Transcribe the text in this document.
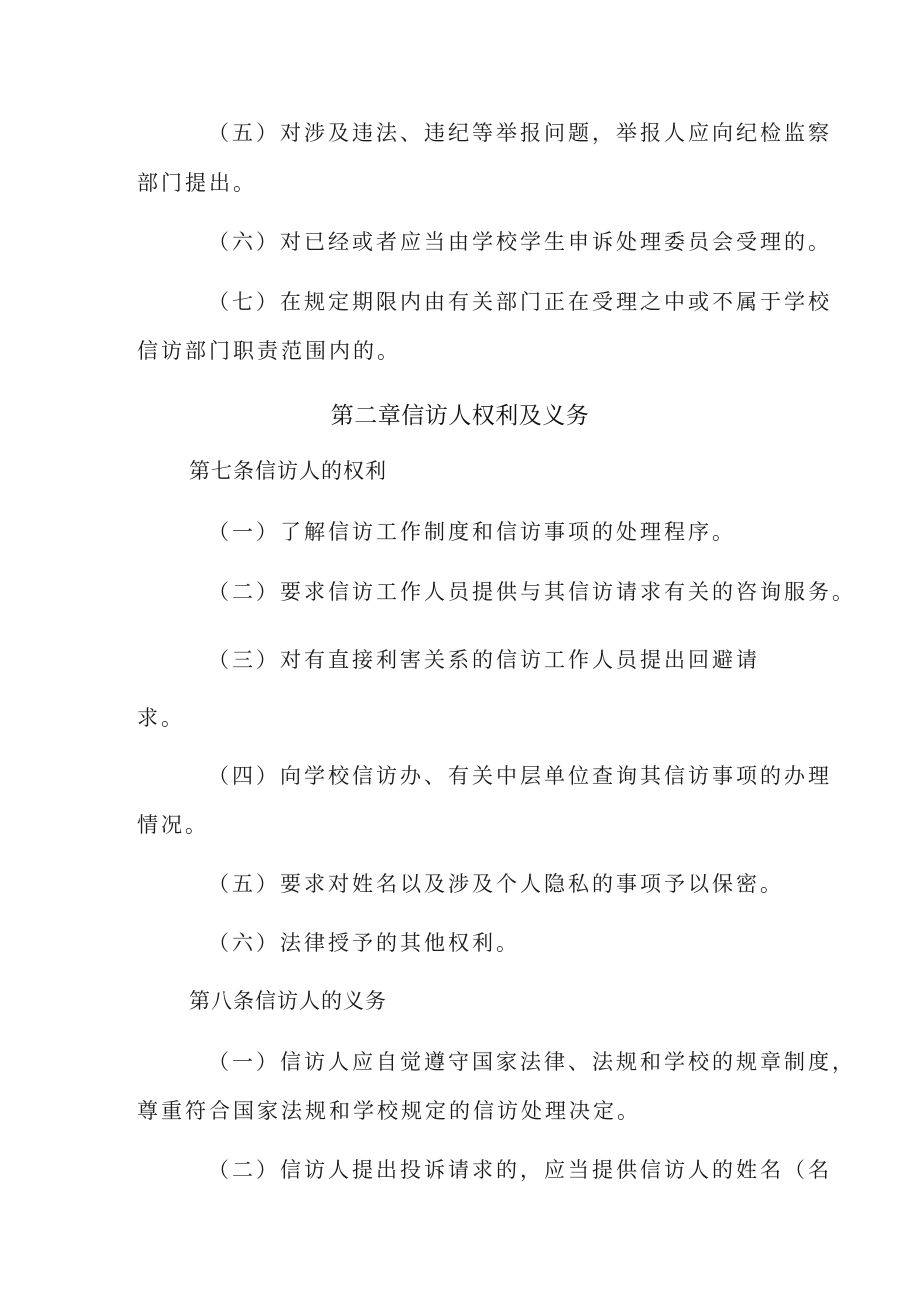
（五）对涉及违法、违纪等举报问题，举报人应向纪检监察
部门提出。
（六）对已经或者应当由学校学生申诉处理委员会受理的。
（七）在规定期限内由有关部门正在受理之中或不属于学校
信访部门职责范围内的。
第二章信访人权利及义务
第七条信访人的权利
（一）了解信访工作制度和信访事项的处理程序。
（二）要求信访工作人员提供与其信访请求有关的咨询服务。
（三）对有直接利害关系的信访工作人员提出回避请
求。
（四）向学校信访办、有关中层单位查询其信访事项的办理
情况。
（五）要求对姓名以及涉及个人隐私的事项予以保密。
（六）法律授予的其他权利。
第八条信访人的义务
（一）信访人应自觉遵守国家法律、法规和学校的规章制度，
尊重符合国家法规和学校规定的信访处理决定。
（二）信访人提出投诉请求的，应当提供信访人的姓名（名
